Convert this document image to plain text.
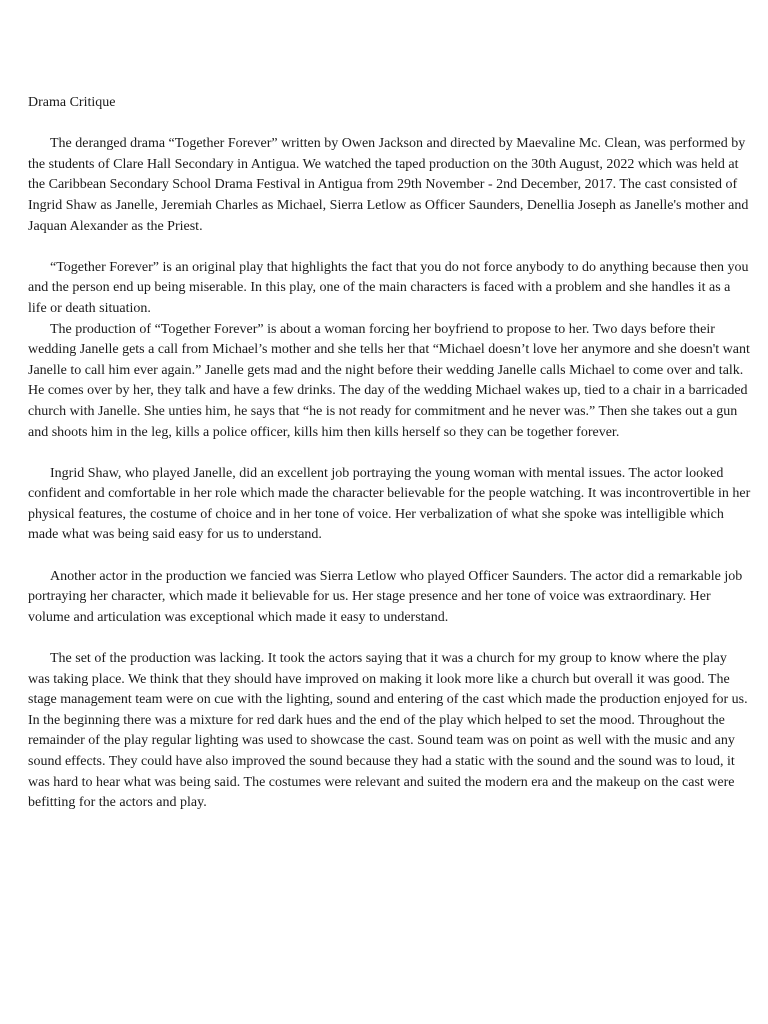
Drama Critique

The deranged drama “Together Forever” written by Owen Jackson and directed by Maevaline Mc. Clean, was performed by the students of Clare Hall Secondary in Antigua. We watched the taped production on the 30th August, 2022 which was held at the Caribbean Secondary School Drama Festival in Antigua from 29th November - 2nd December, 2017. The cast consisted of Ingrid Shaw as Janelle, Jeremiah Charles as Michael, Sierra Letlow as Officer Saunders, Denellia Joseph as Janelle's mother and Jaquan Alexander as the Priest.

“Together Forever” is an original play that highlights the fact that you do not force anybody to do anything because then you and the person end up being miserable. In this play, one of the main characters is faced with a problem and she handles it as a life or death situation.

The production of “Together Forever” is about a woman forcing her boyfriend to propose to her. Two days before their wedding Janelle gets a call from Michael’s mother and she tells her that “Michael doesn’t love her anymore and she doesn't want Janelle to call him ever again.” Janelle gets mad and the night before their wedding Janelle calls Michael to come over and talk. He comes over by her, they talk and have a few drinks. The day of the wedding Michael wakes up, tied to a chair in a barricaded church with Janelle. She unties him, he says that “he is not ready for commitment and he never was.” Then she takes out a gun and shoots him in the leg, kills a police officer, kills him then kills herself so they can be together forever.

Ingrid Shaw, who played Janelle, did an excellent job portraying the young woman with mental issues. The actor looked confident and comfortable in her role which made the character believable for the people watching. It was incontrovertible in her physical features, the costume of choice and in her tone of voice. Her verbalization of what she spoke was intelligible which made what was being said easy for us to understand.

Another actor in the production we fancied was Sierra Letlow who played Officer Saunders. The actor did a remarkable job portraying her character, which made it believable for us. Her stage presence and her tone of voice was extraordinary. Her volume and articulation was exceptional which made it easy to understand.

The set of the production was lacking. It took the actors saying that it was a church for my group to know where the play was taking place. We think that they should have improved on making it look more like a church but overall it was good. The stage management team were on cue with the lighting, sound and entering of the cast which made the production enjoyed for us. In the beginning there was a mixture for red dark hues and the end of the play which helped to set the mood. Throughout the remainder of the play regular lighting was used to showcase the cast. Sound team was on point as well with the music and any sound effects. They could have also improved the sound because they had a static with the sound and the sound was to loud, it was hard to hear what was being said. The costumes were relevant and suited the modern era and the makeup on the cast were befitting for the actors and play.
